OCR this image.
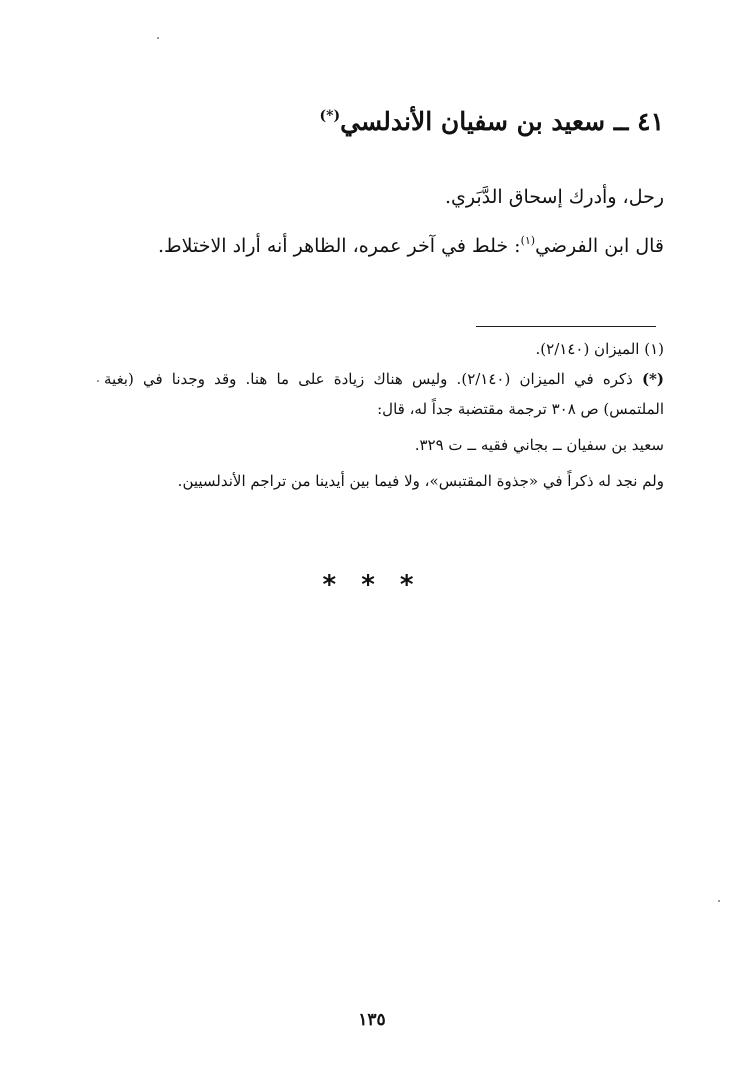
٤١ ــ سعيد بن سفيان الأندلسي(*)

رحل، وأدرك إسحاق الدَّبَري.

قال ابن الفرضي$^{(١)}$: خلط في آخر عمره، الظاهر أنه أراد الاختلاط.

(١) الميزان (٢/١٤٠).

(*) ذكره في الميزان (٢/١٤٠). وليس هناك زيادة على ما هنا. وقد وجدنا في (بغية الملتمس) ص ٣٠٨ ترجمة مقتضبة جداً له، قال:

سعيد بن سفيان ــ بجاني فقيه ــ ت ٣٢٩.

ولم نجد له ذكراً في «جذوة المقتبس»، ولا فيما بين أيدينا من تراجم الأندلسيين.

* * *
١٣٥
